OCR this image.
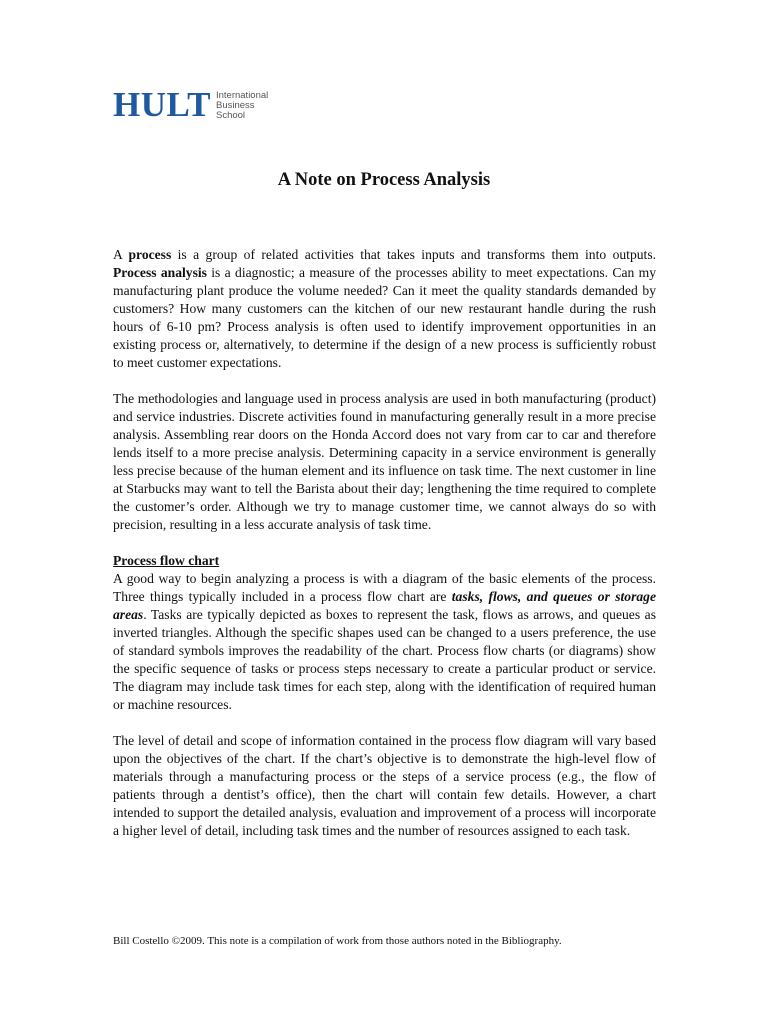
HULT International
Business
School
A Note on Process Analysis

A process is a group of related activities that takes inputs and transforms them into outputs. Process analysis is a diagnostic; a measure of the processes ability to meet expectations. Can my manufacturing plant produce the volume needed? Can it meet the quality standards demanded by customers? How many customers can the kitchen of our new restaurant handle during the rush hours of 6-10 pm? Process analysis is often used to identify improvement opportunities in an existing process or, alternatively, to determine if the design of a new process is sufficiently robust to meet customer expectations.

The methodologies and language used in process analysis are used in both manufacturing (product) and service industries. Discrete activities found in manufacturing generally result in a more precise analysis. Assembling rear doors on the Honda Accord does not vary from car to car and therefore lends itself to a more precise analysis. Determining capacity in a service environment is generally less precise because of the human element and its influence on task time. The next customer in line at Starbucks may want to tell the Barista about their day; lengthening the time required to complete the customer’s order. Although we try to manage customer time, we cannot always do so with precision, resulting in a less accurate analysis of task time.

Process flow chart

A good way to begin analyzing a process is with a diagram of the basic elements of the process. Three things typically included in a process flow chart are tasks, flows, and queues or storage areas. Tasks are typically depicted as boxes to represent the task, flows as arrows, and queues as inverted triangles. Although the specific shapes used can be changed to a users preference, the use of standard symbols improves the readability of the chart. Process flow charts (or diagrams) show the specific sequence of tasks or process steps necessary to create a particular product or service. The diagram may include task times for each step, along with the identification of required human or machine resources.

The level of detail and scope of information contained in the process flow diagram will vary based upon the objectives of the chart. If the chart’s objective is to demonstrate the high-level flow of materials through a manufacturing process or the steps of a service process (e.g., the flow of patients through a dentist’s office), then the chart will contain few details. However, a chart intended to support the detailed analysis, evaluation and improvement of a process will incorporate a higher level of detail, including task times and the number of resources assigned to each task.

Bill Costello ©2009. This note is a compilation of work from those authors noted in the Bibliography.
